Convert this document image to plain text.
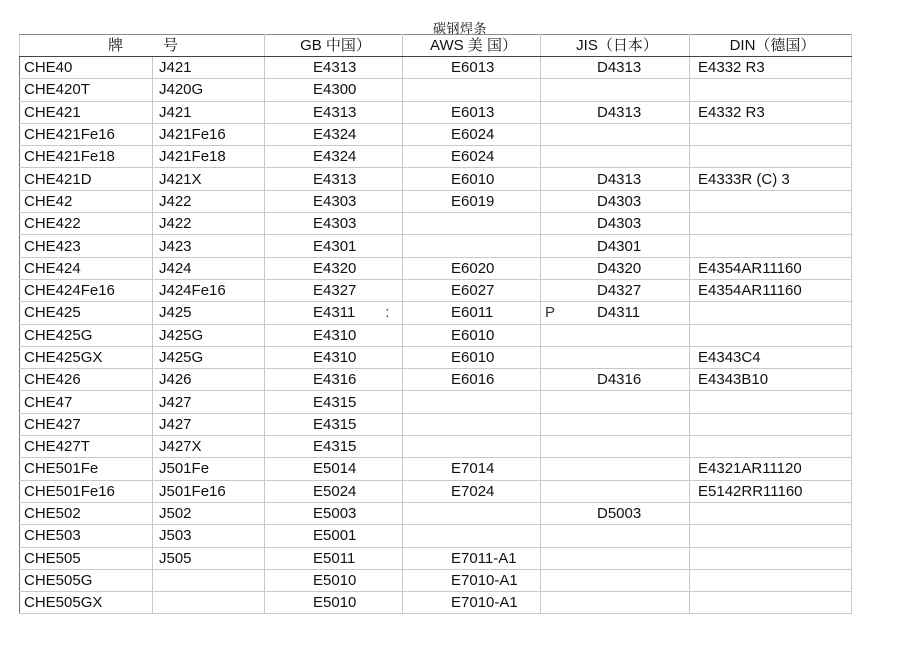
碳钢焊条
牌 号		GB 中国）	AWS 美 国）	JIS（日本）	DIN（德国）
CHE40	J421	E4313	E6013	D4313	E4332 R3
CHE420T	J420G	E4300			
CHE421	J421	E4313	E6013	D4313	E4332 R3
CHE421Fe16	J421Fe16	E4324	E6024		
CHE421Fe18	J421Fe18	E4324	E6024		
CHE421D	J421X	E4313	E6010	D4313	E4333R (C) 3
CHE42	J422	E4303	E6019	D4303	
CHE422	J422	E4303		D4303	
CHE423	J423	E4301		D4301	
CHE424	J424	E4320	E6020	D4320	E4354AR11160
CHE424Fe16	J424Fe16	E4327	E6027	D4327	E4354AR11160
CHE425	J425	E4311 :	E6011	P D4311	
CHE425G	J425G	E4310	E6010		
CHE425GX	J425G	E4310	E6010		E4343C4
CHE426	J426	E4316	E6016	D4316	E4343B10
CHE47	J427	E4315			
CHE427	J427	E4315			
CHE427T	J427X	E4315			
CHE501Fe	J501Fe	E5014	E7014		E4321AR11120
CHE501Fe16	J501Fe16	E5024	E7024		E5142RR11160
CHE502	J502	E5003		D5003	
CHE503	J503	E5001			
CHE505	J505	E5011	E7011-A1		
CHE505G		E5010	E7010-A1		
CHE505GX		E5010	E7010-A1		
